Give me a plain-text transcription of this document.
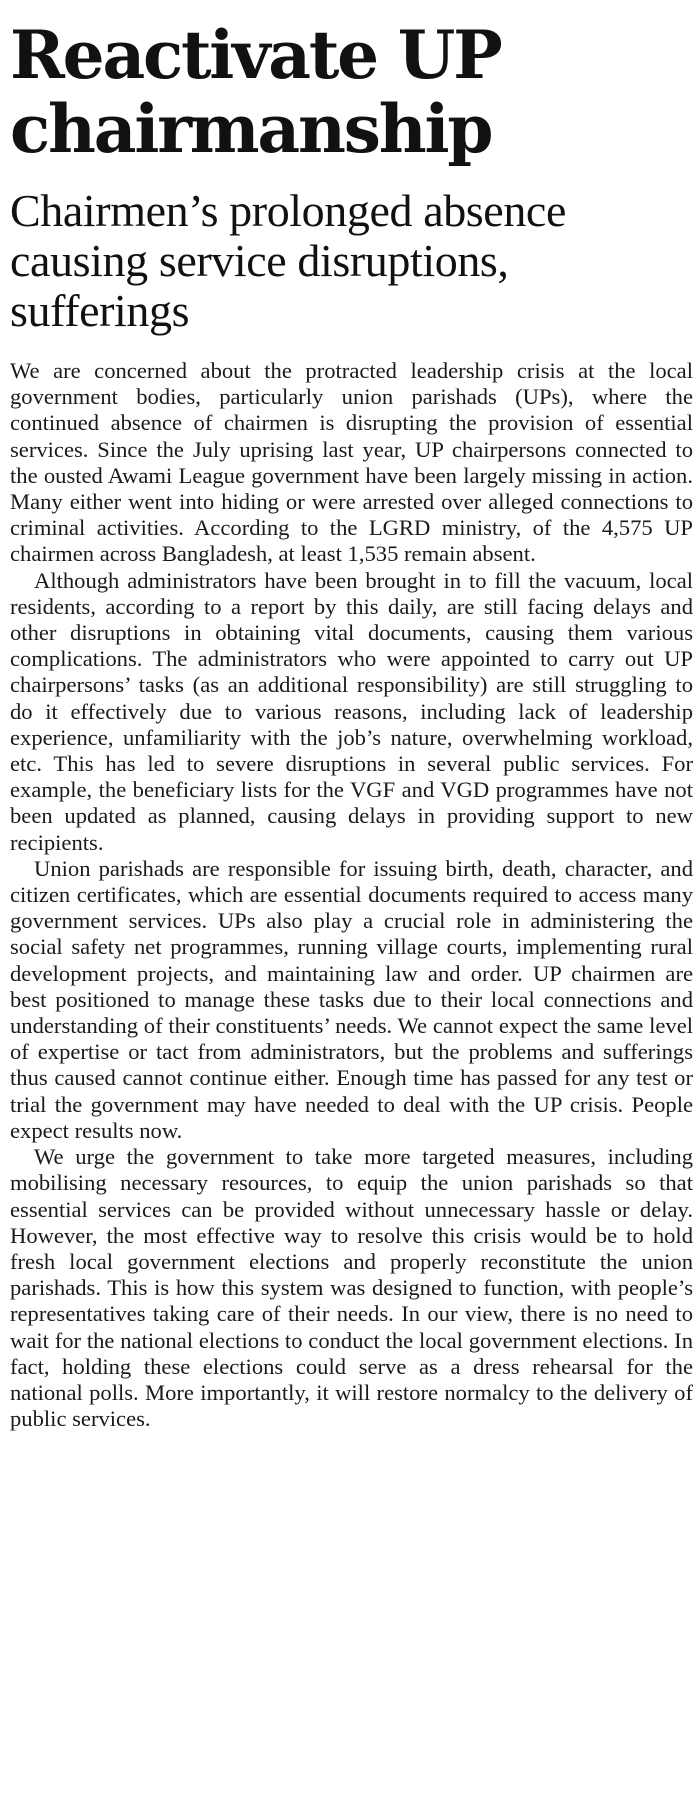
Reactivate UP chairmanship
Chairmen’s prolonged absence causing service disruptions, sufferings

We are concerned about the protracted leadership crisis at the local government bodies, particularly union parishads (UPs), where the continued absence of chairmen is disrupting the provision of essential services. Since the July uprising last year, UP chairpersons connected to the ousted Awami League government have been largely missing in action. Many either went into hiding or were arrested over alleged connections to criminal activities. According to the LGRD ministry, of the 4,575 UP chairmen across Bangladesh, at least 1,535 remain absent.

Although administrators have been brought in to fill the vacuum, local residents, according to a report by this daily, are still facing delays and other disruptions in obtaining vital documents, causing them various complications. The administrators who were appointed to carry out UP chairpersons’ tasks (as an additional responsibility) are still struggling to do it effectively due to various reasons, including lack of leadership experience, unfamiliarity with the job’s nature, overwhelming workload, etc. This has led to severe disruptions in several public services. For example, the beneficiary lists for the VGF and VGD programmes have not been updated as planned, causing delays in providing support to new recipients.

Union parishads are responsible for issuing birth, death, character, and citizen certificates, which are essential documents required to access many government services. UPs also play a crucial role in administering the social safety net programmes, running village courts, implementing rural development projects, and maintaining law and order. UP chairmen are best positioned to manage these tasks due to their local connections and understanding of their constituents’ needs. We cannot expect the same level of expertise or tact from administrators, but the problems and sufferings thus caused cannot continue either. Enough time has passed for any test or trial the government may have needed to deal with the UP crisis. People expect results now.

We urge the government to take more targeted measures, including mobilising necessary resources, to equip the union parishads so that essential services can be provided without unnecessary hassle or delay. However, the most effective way to resolve this crisis would be to hold fresh local government elections and properly reconstitute the union parishads. This is how this system was designed to function, with people’s representatives taking care of their needs. In our view, there is no need to wait for the national elections to conduct the local government elections. In fact, holding these elections could serve as a dress rehearsal for the national polls. More importantly, it will restore normalcy to the delivery of public services.
